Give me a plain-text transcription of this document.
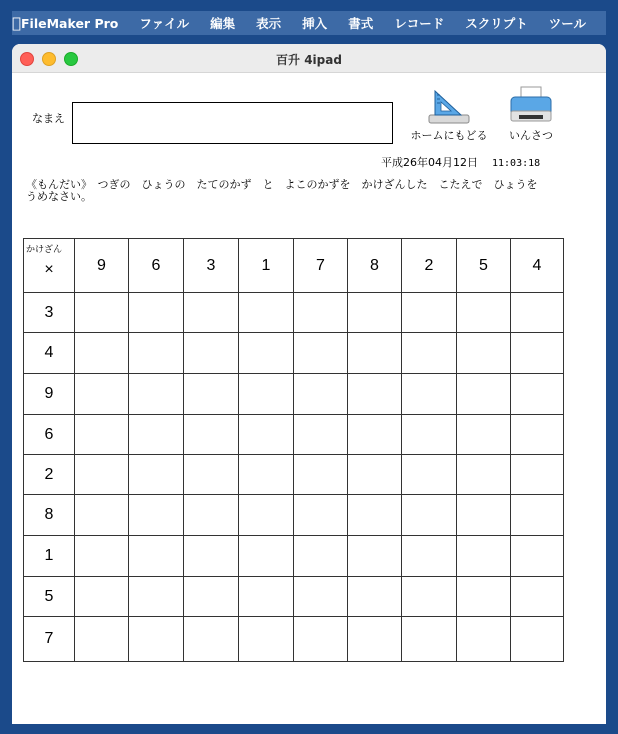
FileMaker Pro ファイル 編集 表示 挿入 書式 レコード スクリプト ツール
百升 4ipad
なまえ
ホームにもどる	いんさつ
平成26年04月12日 11:03:18
《もんだい》　つぎの　ひょうの　たてのかず　と　よこのかずを　かけざんした　こたえで　ひょうを　うめなさい。
かけざん
×	9	6	3	1	7	8	2	5	4
3									
4									
9									
6									
2									
8									
1									
5									
7									
